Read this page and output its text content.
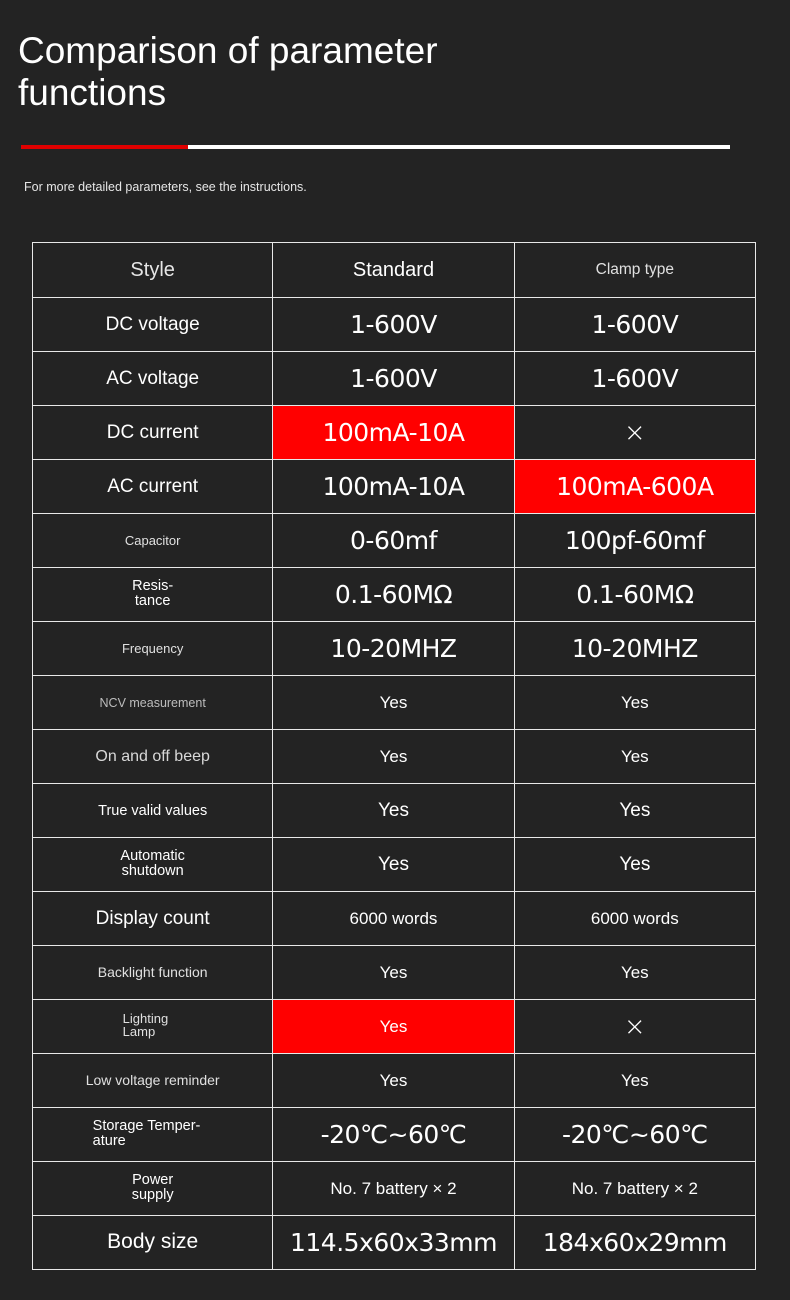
Comparison of parameter functions
For more detailed parameters, see the instructions.
Style	Standard	Clamp type
DC voltage	1-600V	1-600V
AC voltage	1-600V	1-600V
DC current	100mA-10A	×
AC current	100mA-10A	100mA-600A
Capacitor	0-60mf	100pf-60mf
Resis-tance	0.1-60MΩ	0.1-60MΩ
Frequency	10-20MHZ	10-20MHZ
NCV measurement	Yes	Yes
On and off beep	Yes	Yes
True valid values	Yes	Yes
Automatic shutdown	Yes	Yes
Display count	6000 words	6000 words
Backlight function	Yes	Yes
Lighting Lamp	Yes	×
Low voltage reminder	Yes	Yes
Storage Temper-ature	-20℃~60℃	-20℃~60℃
Power supply	No. 7 battery × 2	No. 7 battery × 2
Body size	114.5x60x33mm	184x60x29mm
